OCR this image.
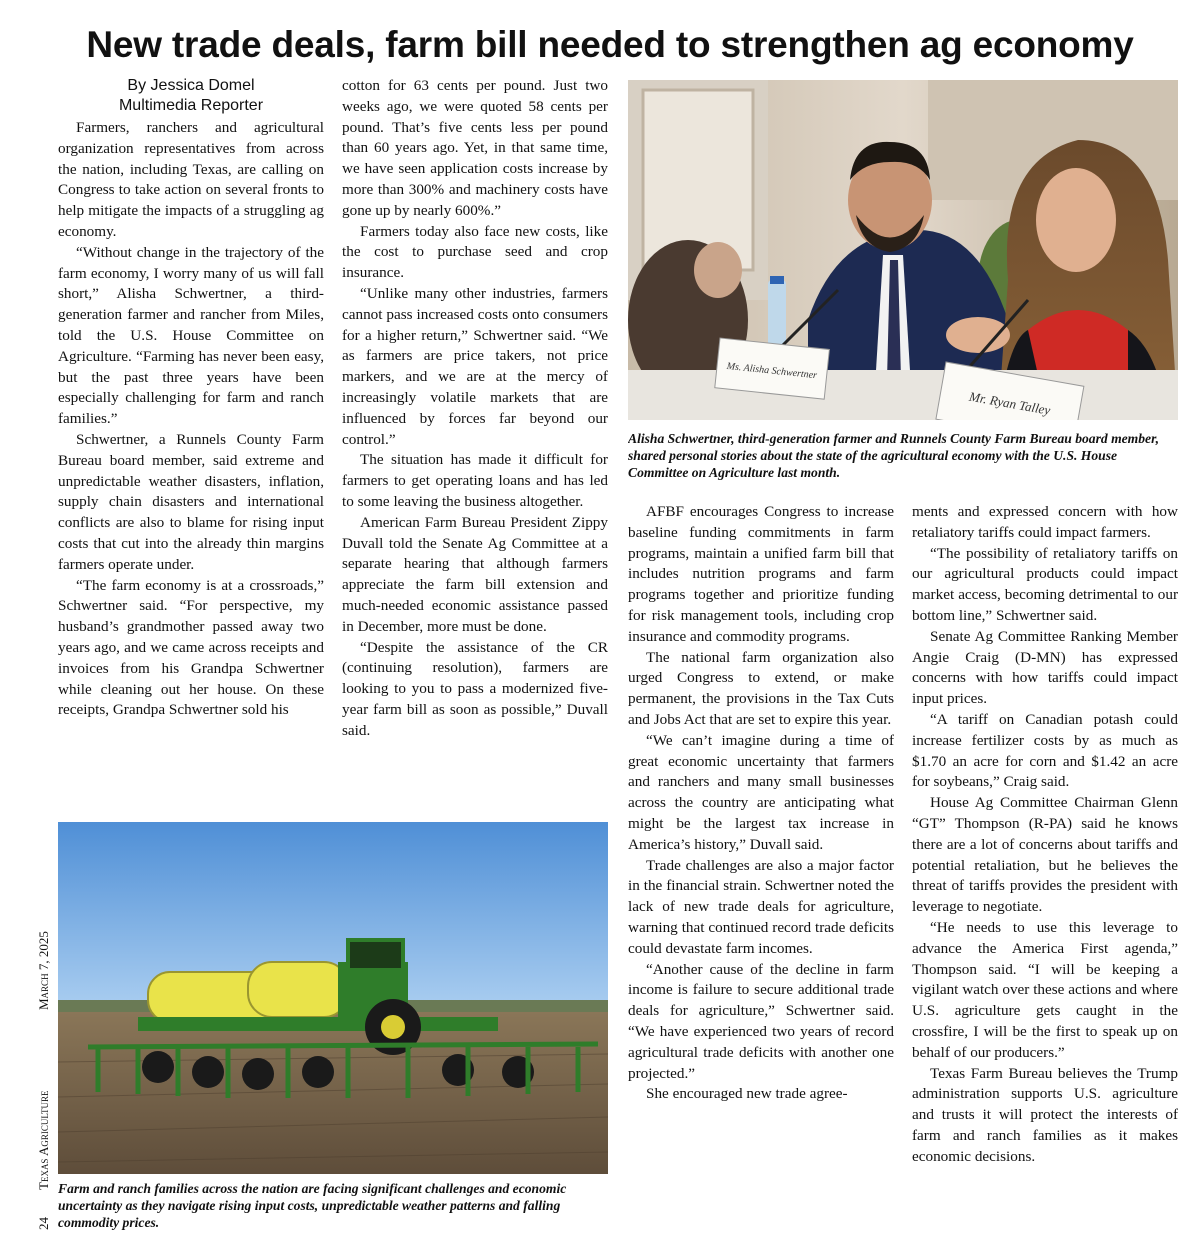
New trade deals, farm bill needed to strengthen ag economy
By Jessica Domel
Multimedia Reporter

Farmers, ranchers and agricultural organization representatives from across the nation, including Texas, are calling on Congress to take action on several fronts to help mitigate the impacts of a struggling ag economy.

“Without change in the trajectory of the farm economy, I worry many of us will fall short,” Alisha Schwertner, a third-generation farmer and rancher from Miles, told the U.S. House Committee on Agriculture. “Farming has never been easy, but the past three years have been especially challenging for farm and ranch families.”

Schwertner, a Runnels County Farm Bureau board member, said extreme and unpredictable weather disasters, inflation, supply chain disasters and international conflicts are also to blame for rising input costs that cut into the already thin margins farmers operate under.

“The farm economy is at a crossroads,” Schwertner said. “For perspective, my husband’s grandmother passed away two years ago, and we came across receipts and invoices from his Grandpa Schwertner while cleaning out her house. On these receipts, Grandpa Schwertner sold his

cotton for 63 cents per pound. Just two weeks ago, we were quoted 58 cents per pound. That’s five cents less per pound than 60 years ago. Yet, in that same time, we have seen application costs increase by more than 300% and machinery costs have gone up by nearly 600%.”

Farmers today also face new costs, like the cost to purchase seed and crop insurance.

“Unlike many other industries, farmers cannot pass increased costs onto consumers for a higher return,” Schwertner said. “We as farmers are price takers, not price markers, and we are at the mercy of increasingly volatile markets that are influenced by forces far beyond our control.”

The situation has made it difficult for farmers to get operating loans and has led to some leaving the business altogether.

American Farm Bureau President Zippy Duvall told the Senate Ag Committee at a separate hearing that although farmers appreciate the farm bill extension and much-needed economic assistance passed in December, more must be done.

“Despite the assistance of the CR (continuing resolution), farmers are looking to you to pass a modernized five-year farm bill as soon as possible,” Duvall said.

Ms. Alisha Schwertner
Mr. Ryan Talley
Alisha Schwertner, third-generation farmer and Runnels County Farm Bureau board member, shared personal stories about the state of the agricultural economy with the U.S. House Committee on Agriculture last month.

AFBF encourages Congress to increase baseline funding commitments in farm programs, maintain a unified farm bill that includes nutrition programs and farm programs together and prioritize funding for risk management tools, including crop insurance and commodity programs.

The national farm organization also urged Congress to extend, or make permanent, the provisions in the Tax Cuts and Jobs Act that are set to expire this year.

“We can’t imagine during a time of great economic uncertainty that farmers and ranchers and many small businesses across the country are anticipating what might be the largest tax increase in America’s history,” Duvall said.

Trade challenges are also a major factor in the financial strain. Schwertner noted the lack of new trade deals for agriculture, warning that continued record trade deficits could devastate farm incomes.

“Another cause of the decline in farm income is failure to secure additional trade deals for agriculture,” Schwertner said. “We have experienced two years of record agricultural trade deficits with another one projected.”

She encouraged new trade agree-

ments and expressed concern with how retaliatory tariffs could impact farmers.

“The possibility of retaliatory tariffs on our agricultural products could impact market access, becoming detrimental to our bottom line,” Schwertner said.

Senate Ag Committee Ranking Member Angie Craig (D-MN) has expressed concerns with how tariffs could impact input prices.

“A tariff on Canadian potash could increase fertilizer costs by as much as $1.70 an acre for corn and $1.42 an acre for soybeans,” Craig said.

House Ag Committee Chairman Glenn “GT” Thompson (R-PA) said he knows there are a lot of concerns about tariffs and potential retaliation, but he believes the threat of tariffs provides the president with leverage to negotiate.

“He needs to use this leverage to advance the America First agenda,” Thompson said. “I will be keeping a vigilant watch over these actions and where U.S. agriculture gets caught in the crossfire, I will be the first to speak up on behalf of our producers.”

Texas Farm Bureau believes the Trump administration supports U.S. agriculture and trusts it will protect the interests of farm and ranch families as it makes economic decisions.

Farm and ranch families across the nation are facing significant challenges and economic uncertainty as they navigate rising input costs, unpredictable weather patterns and falling commodity prices.
24
Texas Agriculture
March 7, 2025
